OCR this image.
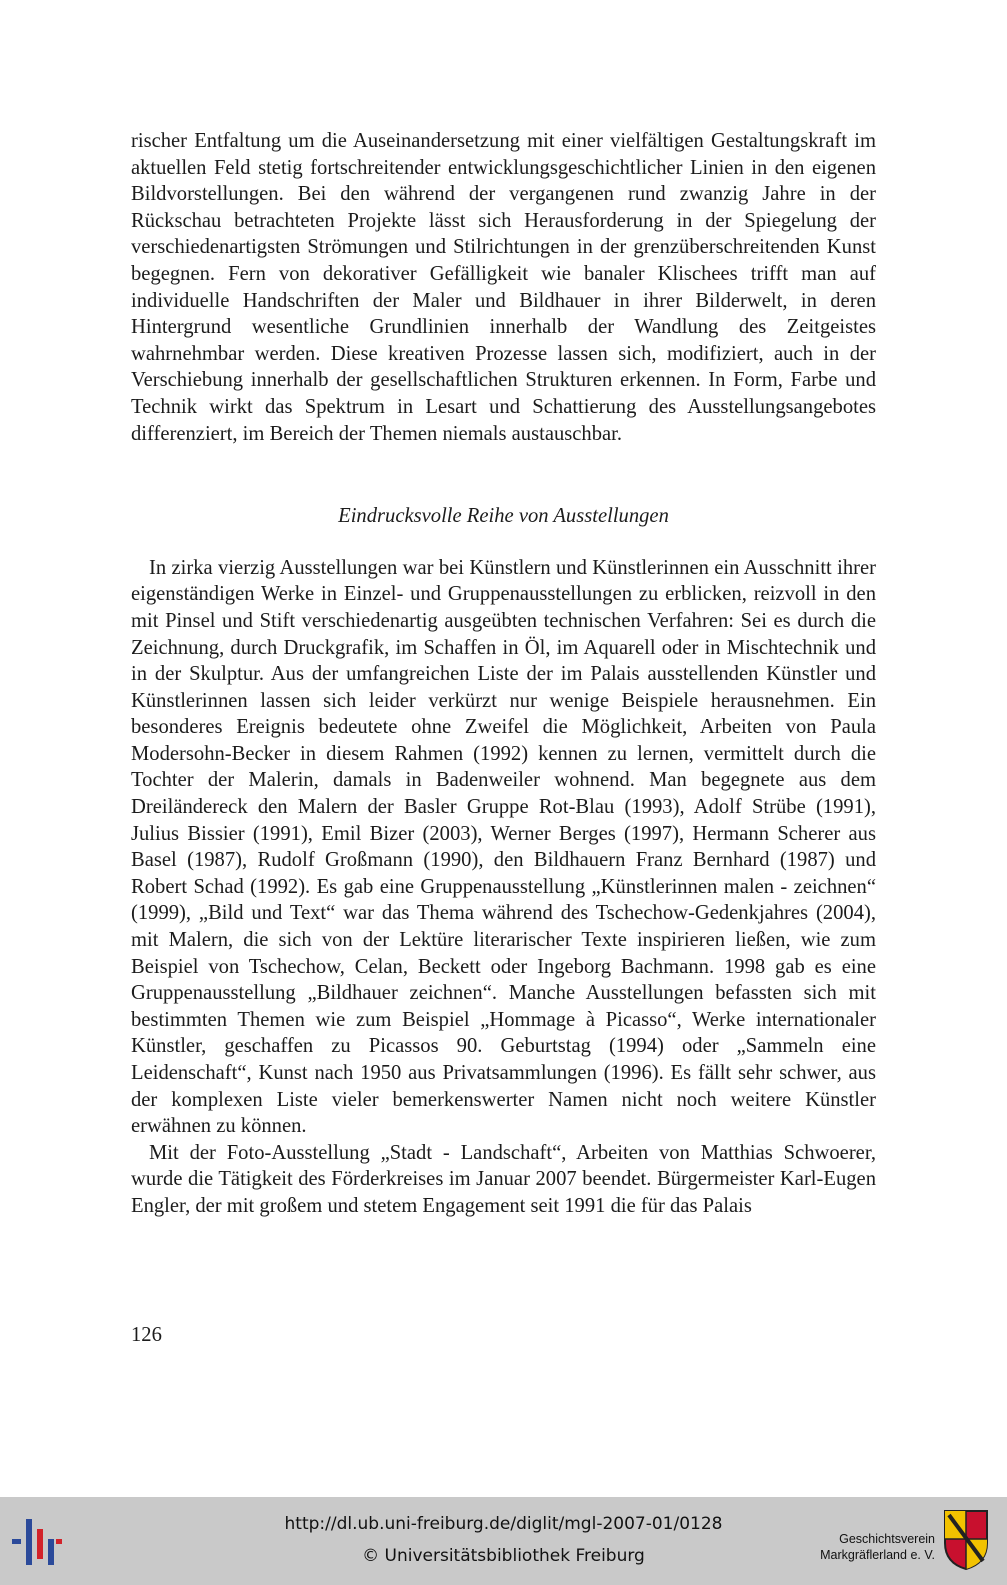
rischer Entfaltung um die Auseinandersetzung mit einer vielfältigen Gestaltungskraft im aktuellen Feld stetig fortschreitender entwicklungsgeschichtlicher Linien in den eigenen Bildvorstellungen. Bei den während der vergangenen rund zwanzig Jahre in der Rückschau betrachteten Projekte lässt sich Herausforderung in der Spiegelung der verschiedenartigsten Strömungen und Stilrichtungen in der grenzüberschreitenden Kunst begegnen. Fern von dekorativer Gefälligkeit wie banaler Klischees trifft man auf individuelle Handschriften der Maler und Bildhauer in ihrer Bilderwelt, in deren Hintergrund wesentliche Grundlinien innerhalb der Wandlung des Zeitgeistes wahrnehmbar werden. Diese kreativen Prozesse lassen sich, modifiziert, auch in der Verschiebung innerhalb der gesellschaftlichen Strukturen erkennen. In Form, Farbe und Technik wirkt das Spektrum in Lesart und Schattierung des Ausstellungsangebotes differenziert, im Bereich der Themen niemals austauschbar.

Eindrucksvolle Reihe von Ausstellungen

In zirka vierzig Ausstellungen war bei Künstlern und Künstlerinnen ein Ausschnitt ihrer eigenständigen Werke in Einzel- und Gruppenausstellungen zu erblicken, reizvoll in den mit Pinsel und Stift verschiedenartig ausgeübten technischen Verfahren: Sei es durch die Zeichnung, durch Druckgrafik, im Schaffen in Öl, im Aquarell oder in Mischtechnik und in der Skulptur. Aus der umfangreichen Liste der im Palais ausstellenden Künstler und Künstlerinnen lassen sich leider verkürzt nur wenige Beispiele herausnehmen. Ein besonderes Ereignis bedeutete ohne Zweifel die Möglichkeit, Arbeiten von Paula Modersohn-Becker in diesem Rahmen (1992) kennen zu lernen, vermittelt durch die Tochter der Malerin, damals in Badenweiler wohnend. Man begegnete aus dem Dreiländereck den Malern der Basler Gruppe Rot-Blau (1993), Adolf Strübe (1991), Julius Bissier (1991), Emil Bizer (2003), Werner Berges (1997), Hermann Scherer aus Basel (1987), Rudolf Großmann (1990), den Bildhauern Franz Bernhard (1987) und Robert Schad (1992). Es gab eine Gruppenausstellung „Künstlerinnen malen - zeichnen“ (1999), „Bild und Text“ war das Thema während des Tschechow-Gedenkjahres (2004), mit Malern, die sich von der Lektüre literarischer Texte inspirieren ließen, wie zum Beispiel von Tschechow, Celan, Beckett oder Ingeborg Bachmann. 1998 gab es eine Gruppenausstellung „Bildhauer zeichnen“. Manche Ausstellungen befassten sich mit bestimmten Themen wie zum Beispiel „Hommage à Picasso“, Werke internationaler Künstler, geschaffen zu Picassos 90. Geburtstag (1994) oder „Sammeln eine Leidenschaft“, Kunst nach 1950 aus Privatsammlungen (1996). Es fällt sehr schwer, aus der komplexen Liste vieler bemerkenswerter Namen nicht noch weitere Künstler erwähnen zu können.

Mit der Foto-Ausstellung „Stadt - Landschaft“, Arbeiten von Matthias Schwoerer, wurde die Tätigkeit des Förderkreises im Januar 2007 beendet. Bürgermeister Karl-Eugen Engler, der mit großem und stetem Engagement seit 1991 die für das Palais

126
http://dl.ub.uni-freiburg.de/diglit/mgl-2007-01/0128
© Universitätsbibliothek Freiburg
Geschichtsverein
Markgräflerland e. V.
